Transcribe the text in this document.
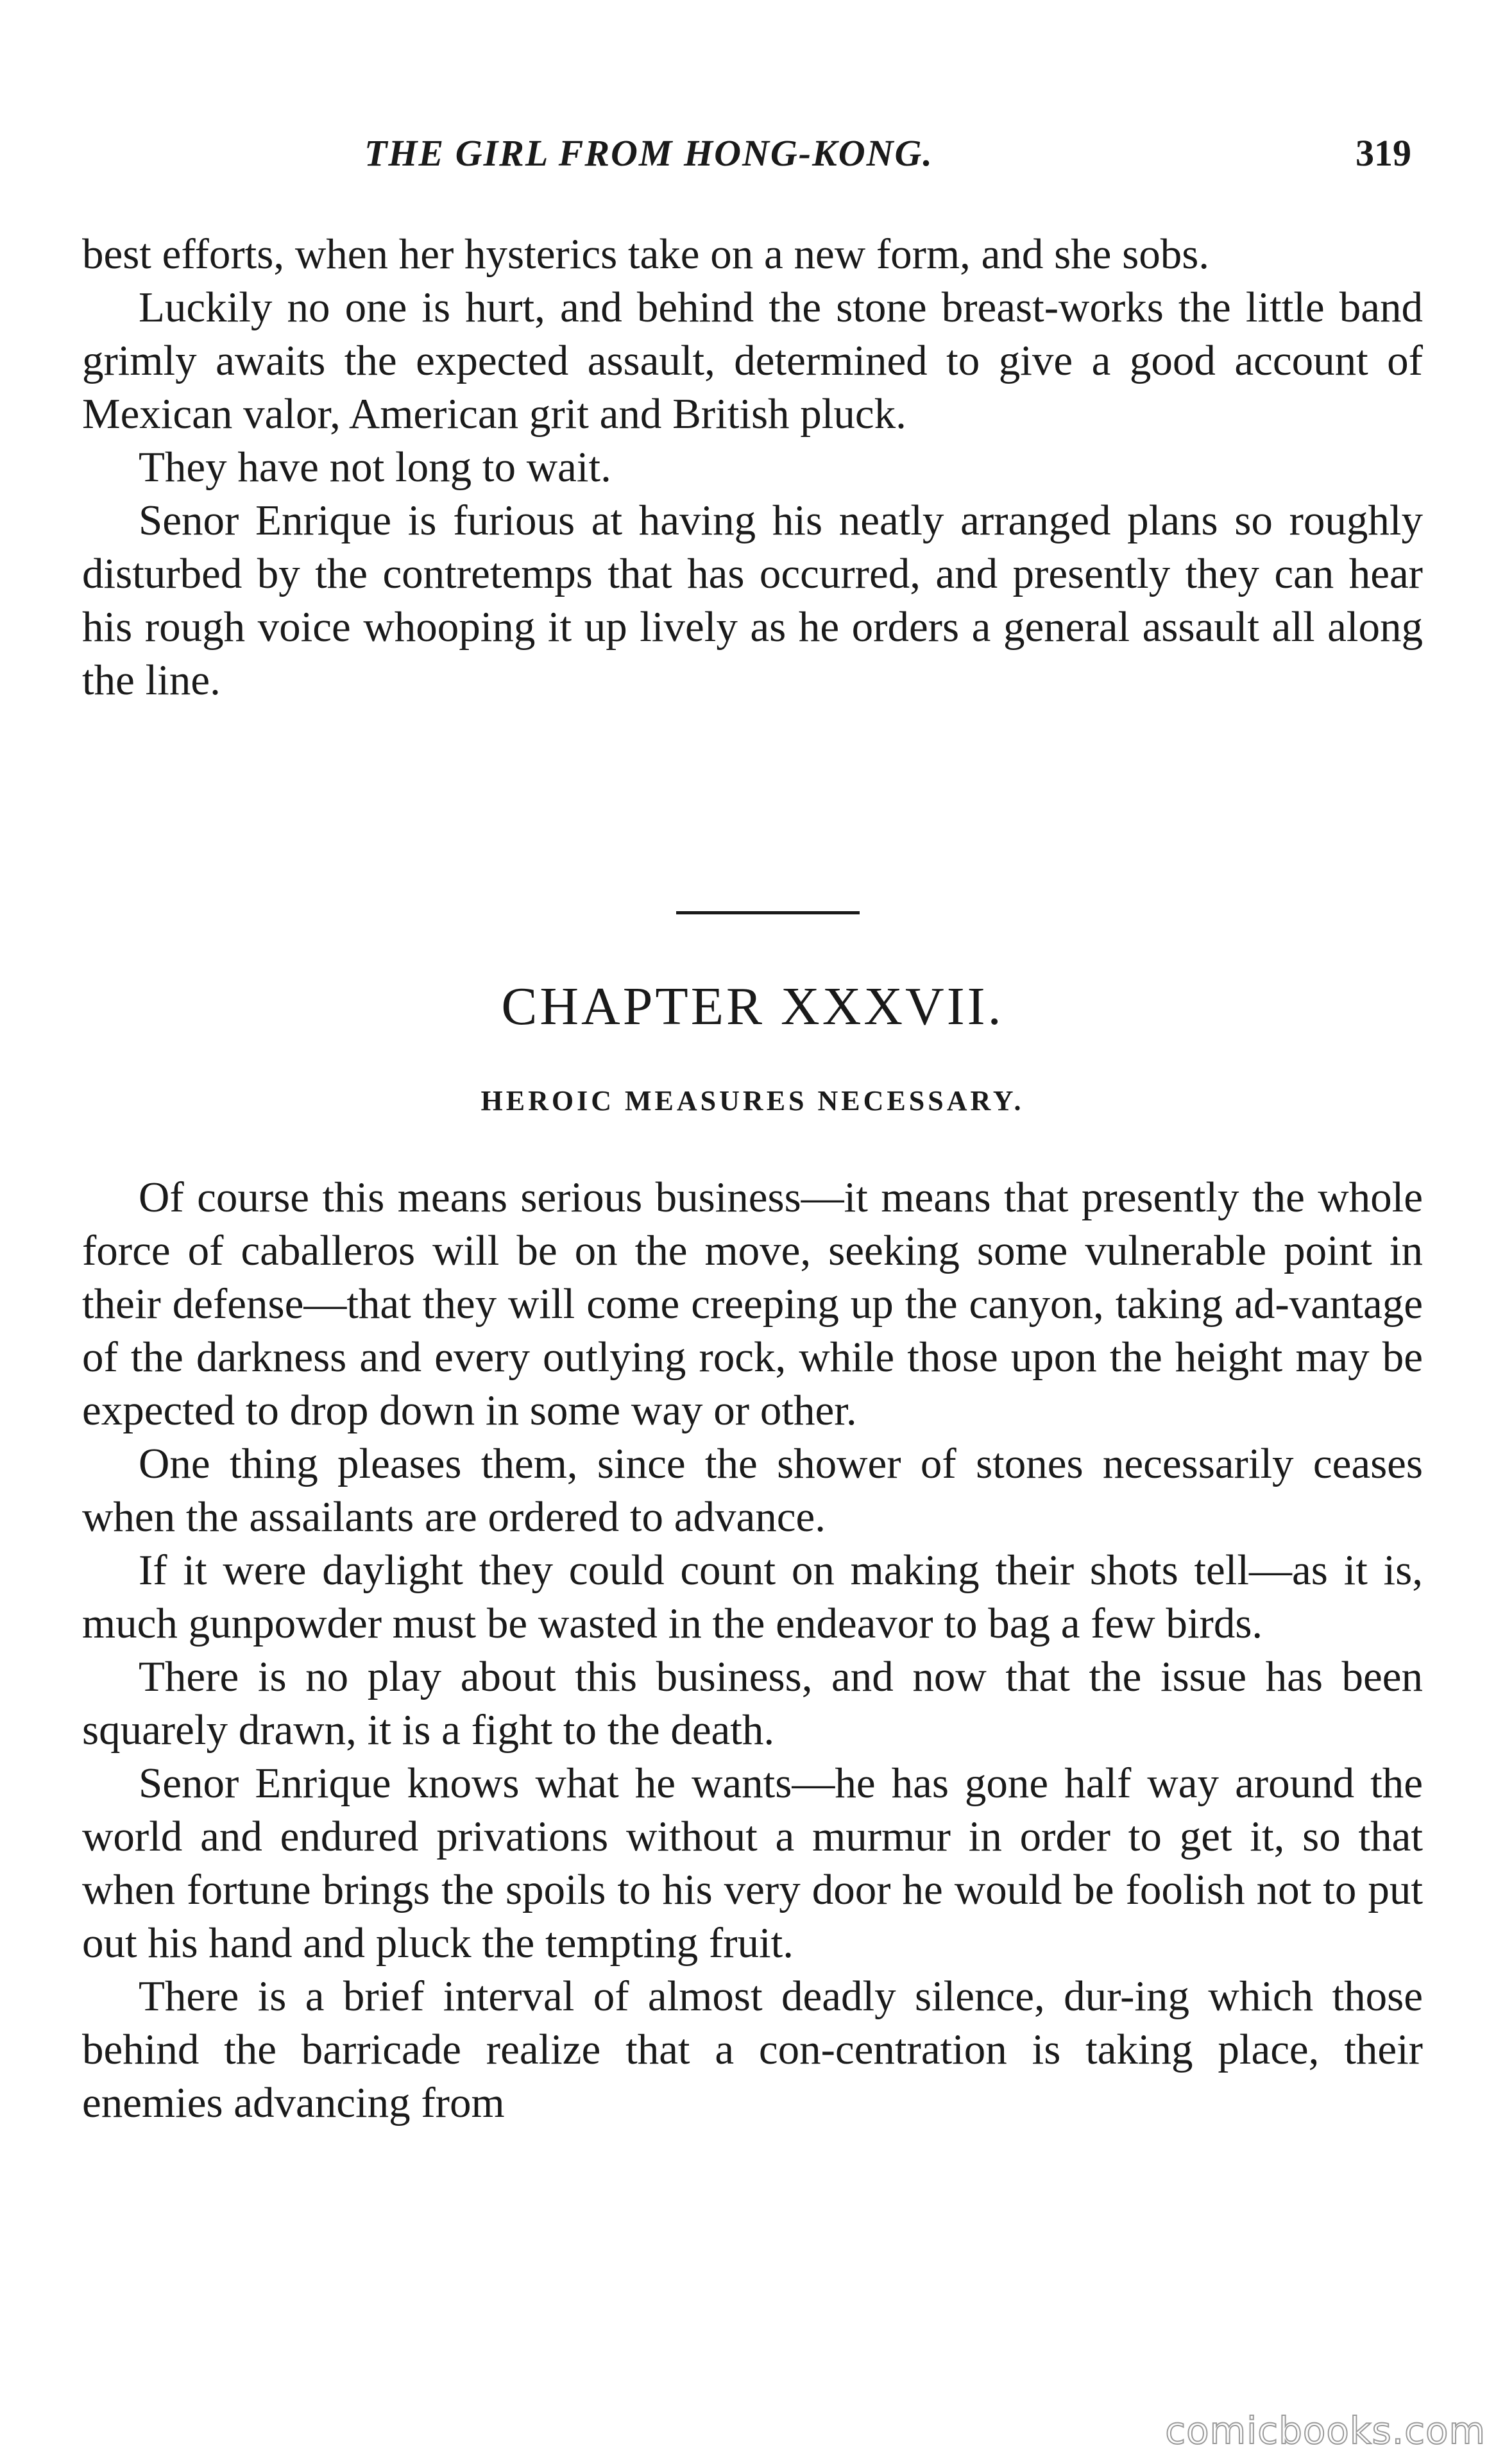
THE GIRL FROM HONG-KONG.	319

best efforts, when her hysterics take on a new form, and she sobs.

Luckily no one is hurt, and behind the stone breast-works the little band grimly awaits the expected assault, determined to give a good account of Mexican valor, American grit and British pluck.

They have not long to wait.

Senor Enrique is furious at having his neatly arranged plans so roughly disturbed by the contretemps that has occurred, and presently they can hear his rough voice whooping it up lively as he orders a general assault all along the line.

CHAPTER XXXVII.
HEROIC MEASURES NECESSARY.

Of course this means serious business—it means that presently the whole force of caballeros will be on the move, seeking some vulnerable point in their defense—that they will come creeping up the canyon, taking ad-vantage of the darkness and every outlying rock, while those upon the height may be expected to drop down in some way or other.

One thing pleases them, since the shower of stones necessarily ceases when the assailants are ordered to advance.

If it were daylight they could count on making their shots tell—as it is, much gunpowder must be wasted in the endeavor to bag a few birds.

There is no play about this business, and now that the issue has been squarely drawn, it is a fight to the death.

Senor Enrique knows what he wants—he has gone half way around the world and endured privations without a murmur in order to get it, so that when fortune brings the spoils to his very door he would be foolish not to put out his hand and pluck the tempting fruit.

There is a brief interval of almost deadly silence, dur-ing which those behind the barricade realize that a con-centration is taking place, their enemies advancing from

comicbooks.com
